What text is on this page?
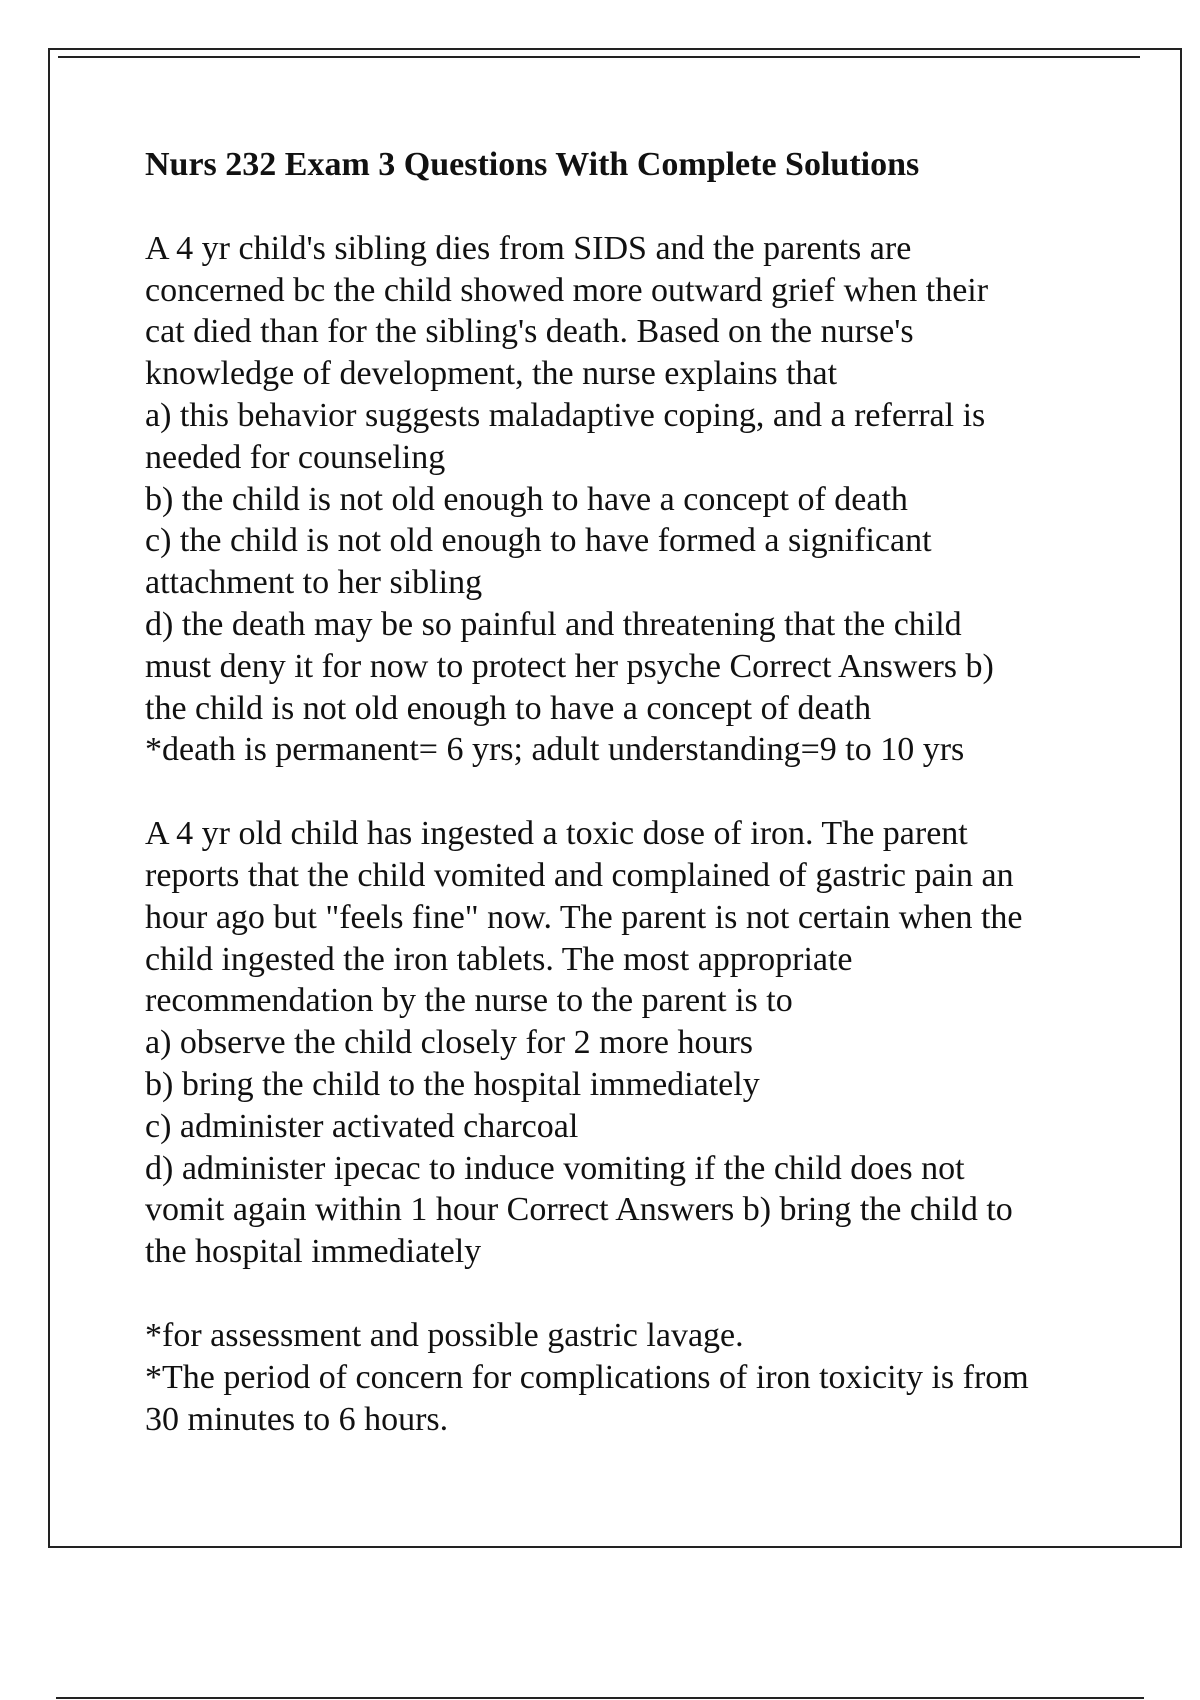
Nurs 232 Exam 3 Questions With Complete Solutions
A 4 yr child's sibling dies from SIDS and the parents are
concerned bc the child showed more outward grief when their
cat died than for the sibling's death. Based on the nurse's
knowledge of development, the nurse explains that
a) this behavior suggests maladaptive coping, and a referral is
needed for counseling
b) the child is not old enough to have a concept of death
c) the child is not old enough to have formed a significant
attachment to her sibling
d) the death may be so painful and threatening that the child
must deny it for now to protect her psyche Correct Answers b)
the child is not old enough to have a concept of death
*death is permanent= 6 yrs; adult understanding=9 to 10 yrs
A 4 yr old child has ingested a toxic dose of iron. The parent
reports that the child vomited and complained of gastric pain an
hour ago but "feels fine" now. The parent is not certain when the
child ingested the iron tablets. The most appropriate
recommendation by the nurse to the parent is to
a) observe the child closely for 2 more hours
b) bring the child to the hospital immediately
c) administer activated charcoal
d) administer ipecac to induce vomiting if the child does not
vomit again within 1 hour Correct Answers b) bring the child to
the hospital immediately
*for assessment and possible gastric lavage.
*The period of concern for complications of iron toxicity is from
30 minutes to 6 hours.
